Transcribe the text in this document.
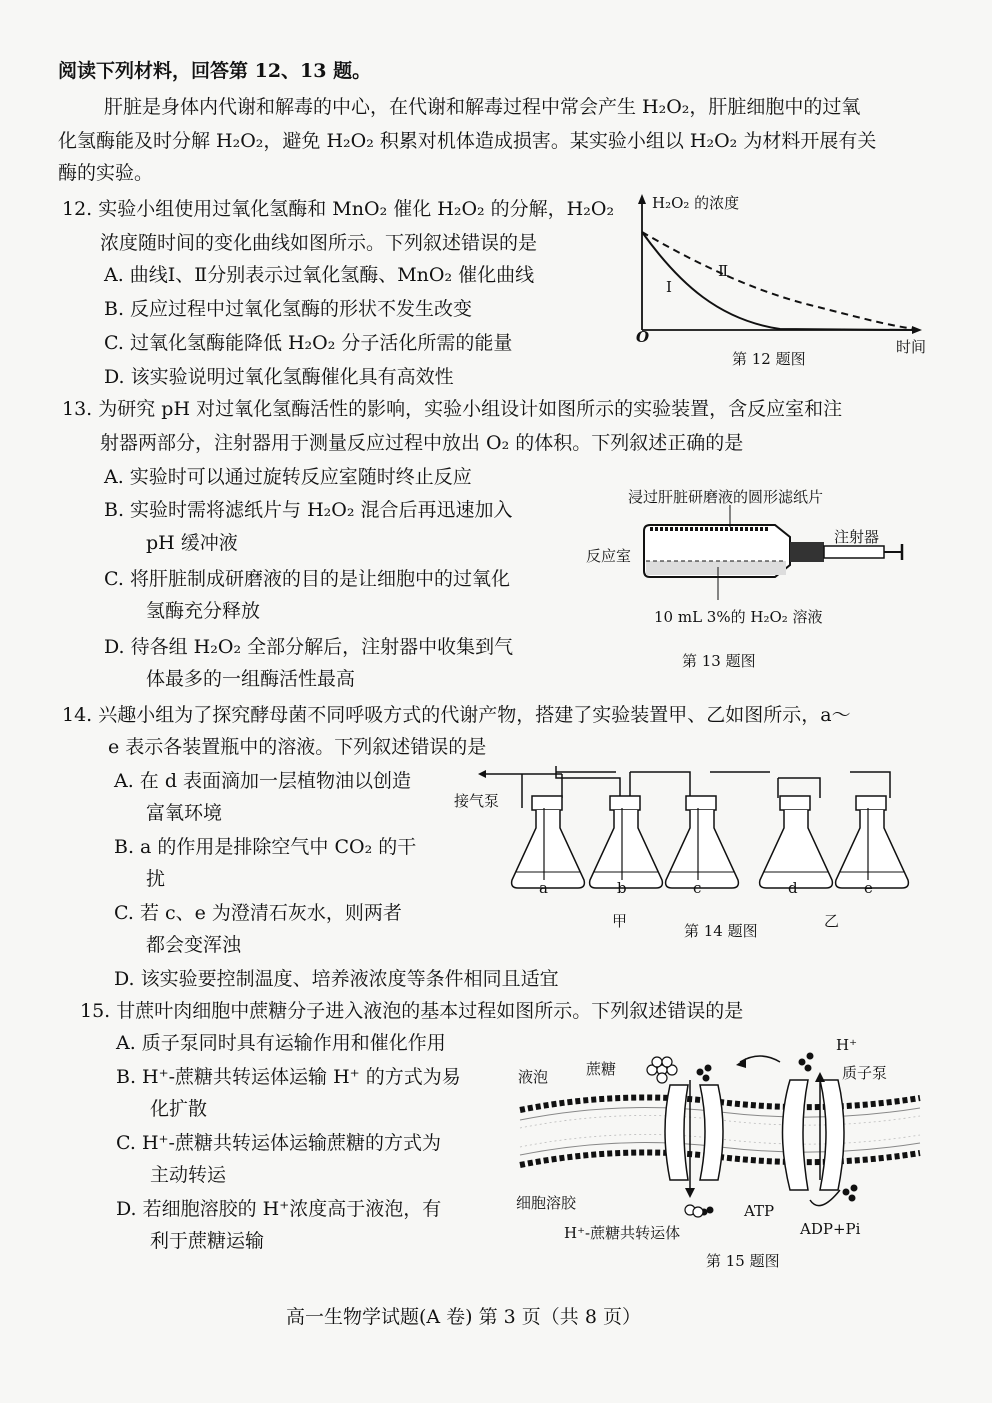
阅读下列材料，回答第 12、13 题。
肝脏是身体内代谢和解毒的中心，在代谢和解毒过程中常会产生 H₂O₂，肝脏细胞中的过氧
化氢酶能及时分解 H₂O₂，避免 H₂O₂ 积累对机体造成损害。某实验小组以 H₂O₂ 为材料开展有关
酶的实验。
12. 实验小组使用过氧化氢酶和 MnO₂ 催化 H₂O₂ 的分解，H₂O₂
浓度随时间的变化曲线如图所示。下列叙述错误的是
A. 曲线Ⅰ、Ⅱ分别表示过氧化氢酶、MnO₂ 催化曲线
B. 反应过程中过氧化氢酶的形状不发生改变
C. 过氧化氢酶能降低 H₂O₂ 分子活化所需的能量
D. 该实验说明过氧化氢酶催化具有高效性
H₂O₂ 的浓度
时间
O
Ⅰ
Ⅱ
第 12 题图
13. 为研究 pH 对过氧化氢酶活性的影响，实验小组设计如图所示的实验装置，含反应室和注
射器两部分，注射器用于测量反应过程中放出 O₂ 的体积。下列叙述正确的是
A. 实验时可以通过旋转反应室随时终止反应
B. 实验时需将滤纸片与 H₂O₂ 混合后再迅速加入
pH 缓冲液
C. 将肝脏制成研磨液的目的是让细胞中的过氧化
氢酶充分释放
D. 待各组 H₂O₂ 全部分解后，注射器中收集到气
体最多的一组酶活性最高
浸过肝脏研磨液的圆形滤纸片
注射器
反应室
10 mL 3%的 H₂O₂ 溶液
第 13 题图
14. 兴趣小组为了探究酵母菌不同呼吸方式的代谢产物，搭建了实验装置甲、乙如图所示，a～
e 表示各装置瓶中的溶液。下列叙述错误的是
A. 在 d 表面滴加一层植物油以创造
富氧环境
B. a 的作用是排除空气中 CO₂ 的干
扰
C. 若 c、e 为澄清石灰水，则两者
都会变浑浊
D. 该实验要控制温度、培养液浓度等条件相同且适宜
接气泵
a	b	c	d	e
甲	乙
第 14 题图
15. 甘蔗叶肉细胞中蔗糖分子进入液泡的基本过程如图所示。下列叙述错误的是
A. 质子泵同时具有运输作用和催化作用
B. H⁺-蔗糖共转运体运输 H⁺ 的方式为易
化扩散
C. H⁺-蔗糖共转运体运输蔗糖的方式为
主动转运
D. 若细胞溶胶的 H⁺浓度高于液泡，有
利于蔗糖运输
液泡	蔗糖
H⁺
质子泵
细胞溶胶	ATP
ADP+Pi
H⁺-蔗糖共转运体
第 15 题图
高一生物学试题(A 卷) 第 3 页（共 8 页）
